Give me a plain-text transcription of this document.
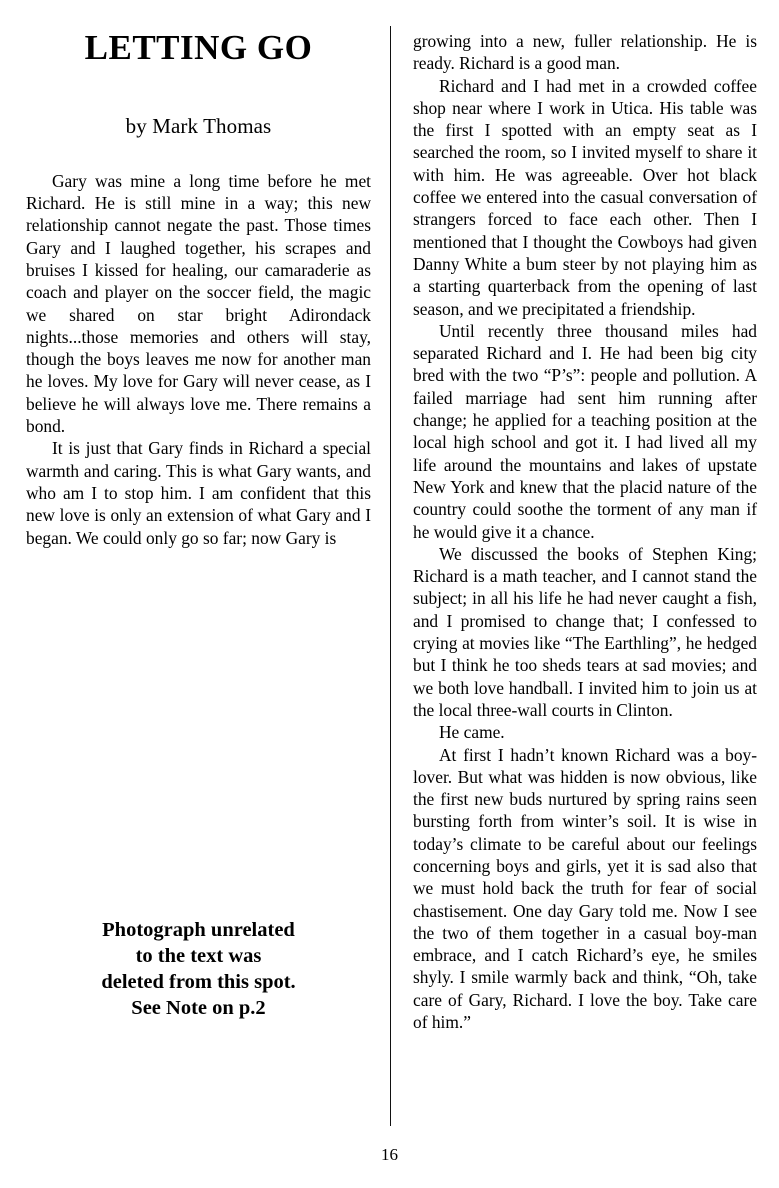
LETTING GO
by Mark Thomas

Gary was mine a long time before he met Richard. He is still mine in a way; this new relationship cannot negate the past. Those times Gary and I laughed together, his scrapes and bruises I kissed for healing, our camaraderie as coach and player on the soccer field, the magic we shared on star bright Adirondack nights...those memories and others will stay, though the boys leaves me now for another man he loves. My love for Gary will never cease, as I believe he will always love me. There remains a bond.

It is just that Gary finds in Richard a special warmth and caring. This is what Gary wants, and who am I to stop him. I am confident that this new love is only an extension of what Gary and I began. We could only go so far; now Gary is

Photograph unrelated
to the text was
deleted from this spot.
See Note on p.2

growing into a new, fuller relationship. He is ready. Richard is a good man.

Richard and I had met in a crowded coffee shop near where I work in Utica. His table was the first I spotted with an empty seat as I searched the room, so I invited myself to share it with him. He was agreeable. Over hot black coffee we entered into the casual conversation of strangers forced to face each other. Then I mentioned that I thought the Cowboys had given Danny White a bum steer by not playing him as a starting quarterback from the opening of last season, and we precipitated a friendship.

Until recently three thousand miles had separated Richard and I. He had been big city bred with the two “P’s”: people and pollution. A failed marriage had sent him running after change; he applied for a teaching position at the local high school and got it. I had lived all my life around the mountains and lakes of upstate New York and knew that the placid nature of the country could soothe the torment of any man if he would give it a chance.

We discussed the books of Stephen King; Richard is a math teacher, and I cannot stand the subject; in all his life he had never caught a fish, and I promised to change that; I confessed to crying at movies like “The Earthling”, he hedged but I think he too sheds tears at sad movies; and we both love handball. I invited him to join us at the local three-wall courts in Clinton.

He came.

At first I hadn’t known Richard was a boy-lover. But what was hidden is now obvious, like the first new buds nurtured by spring rains seen bursting forth from winter’s soil. It is wise in today’s climate to be careful about our feelings concerning boys and girls, yet it is sad also that we must hold back the truth for fear of social chastisement. One day Gary told me. Now I see the two of them together in a casual boy-man embrace, and I catch Richard’s eye, he smiles shyly. I smile warmly back and think, “Oh, take care of Gary, Richard. I love the boy. Take care of him.”

16
